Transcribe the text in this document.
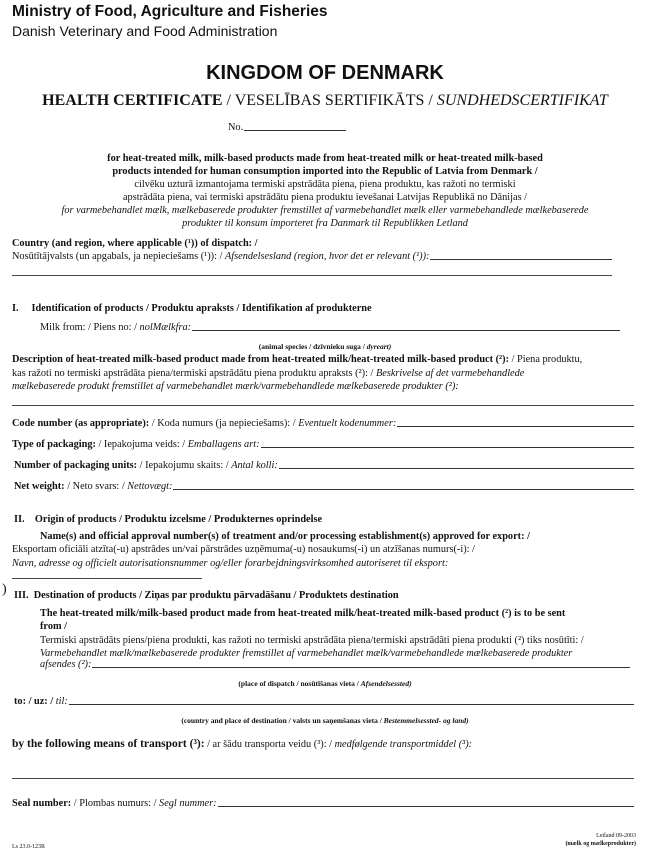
Ministry of Food, Agriculture and Fisheries
Danish Veterinary and Food Administration
KINGDOM OF DENMARK
HEALTH CERTIFICATE / VESELĪBAS SERTIFIKĀTS / SUNDHEDSCERTIFIKAT
No.
for heat-treated milk, milk-based products made from heat-treated milk or heat-treated milk-based
products intended for human consumption imported into the Republic of Latvia from Denmark /
cilvēku uzturā izmantojama termiski apstrādāta piena, piena produktu, kas ražoti no termiski
apstrādāta piena, vai termiski apstrādātu piena produktu ievešanai Latvijas Republikā no Dānijas /
for varmebehandlet mælk, mælkebaserede produkter fremstillet af varmebehandlet mælk eller varmebehandlede mælkebaserede
produkter til konsum importeret fra Danmark til Republikken Letland
Country (and region, where applicable (¹)) of dispatch: /
Nosūtītājvalsts (un apgabals, ja nepieciešams (¹)): /
Afsendelsesland (region, hvor det er relevant (¹)):
I.     Identification of products / Produktu apraksts / Identifikation af produkterne
Milk from: / Piens no: /
nolMælkfra:
(animal species / dzīvnieku suga / dyreart)
Description of heat-treated milk-based product made from heat-treated milk/heat-treated milk-based product (²): / Piena produktu,
kas ražoti no termiski apstrādāta piena/termiski apstrādātu piena produktu apraksts (²): / Beskrivelse af det varmebehandlede
mælkebaserede produkt fremstillet af varmebehandlet mærk/varmebehandlede mælkebaserede produkter (²):
Code number (as appropriate): / Koda numurs (ja nepieciešams): / Eventuelt kodenummer:
Type of packaging: / Iepakojuma veids: / Emballagens art:
Number of packaging units: / Iepakojumu skaits: / Antal kolli:
Net weight: / Neto svars: / Nettovægt:
II.    Origin of products / Produktu izcelsme / Produkternes oprindelse
Name(s) and official approval number(s) of treatment and/or processing establishment(s) approved for export: /
Eksportam oficiāli atzīta(-u) apstrādes un/vai pārstrādes uzņēmuma(-u) nosaukums(-i) un atzīšanas numurs(-i): /
Navn, adresse og officielt autorisationsnummer og/eller forarbejdningsvirksomhed autoriseret til eksport:
) III.  Destination of products / Ziņas par produktu pārvadāšanu / Produktets destination
The heat-treated milk/milk-based product made from heat-treated milk/heat-treated milk-based product (²) is to be sent
from /
Termiski apstrādāts piens/piena produkti, kas ražoti no termiski apstrādāta piena/termiski apstrādāti piena produkti (²) tiks nosūtīti: /
Varmebehandlet mælk/mælkebaserede produkter fremstillet af varmebehandlet mælk/varmebehandlede mælkebaserede produkter
afsendes (²):
(place of dispatch / nosūtīšanas vieta / Afsendelsessted)
to: / uz: /
til:
(country and place of destination / valsts un saņemšanas vieta / Bestemmelsessted- og land)
by the following means of transport (³): / ar šādu transporta veidu (³): / medfølgende transportmiddel (³):
Seal number: / Plombas numurs: / Segl nummer:
Ls 23.0-123R
Letland 09-2003
(mælk og mælkeprodukter)
